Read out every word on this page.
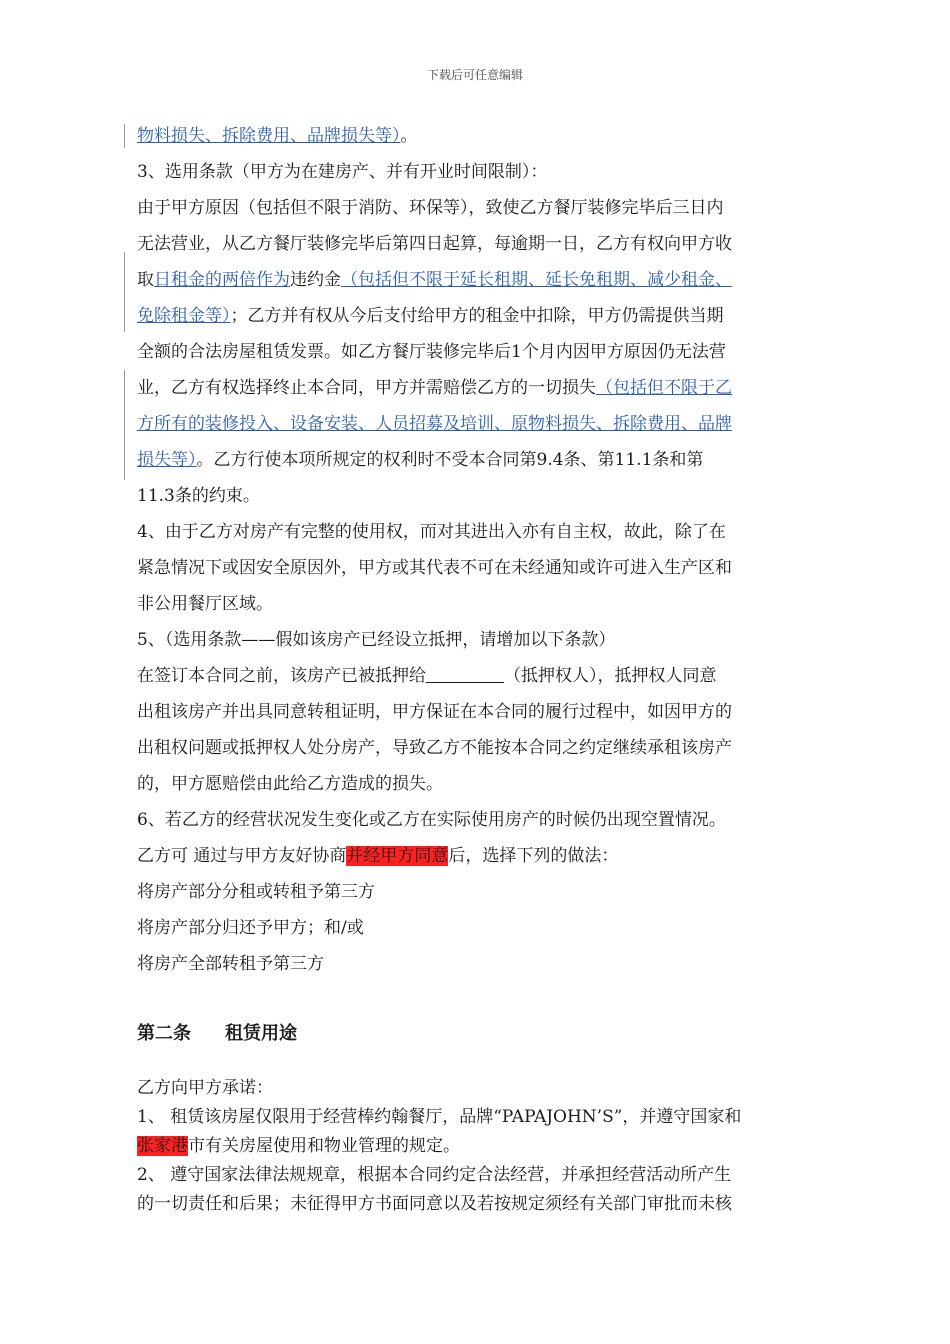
下载后可任意编辑
物料损失、拆除费用、品牌损失等）。
3、选用条款（甲方为在建房产、并有开业时间限制）：
由于甲方原因（包括但不限于消防、环保等），致使乙方餐厅装修完毕后三日内
无法营业，从乙方餐厅装修完毕后第四日起算，每逾期一日，乙方有权向甲方收
取日租金的两倍作为违约金（包括但不限于延长租期、延长免租期、减少租金、
免除租金等）；乙方并有权从今后支付给甲方的租金中扣除，甲方仍需提供当期
全额的合法房屋租赁发票。如乙方餐厅装修完毕后1个月内因甲方原因仍无法营
业，乙方有权选择终止本合同，甲方并需赔偿乙方的一切损失（包括但不限于乙
方所有的装修投入、设备安装、人员招募及培训、原物料损失、拆除费用、品牌
损失等）。乙方行使本项所规定的权利时不受本合同第9.4条、第11.1条和第
11.3条的约束。
4、由于乙方对房产有完整的使用权，而对其进出入亦有自主权，故此，除了在
紧急情况下或因安全原因外，甲方或其代表不可在未经通知或许可进入生产区和
非公用餐厅区域。
5、（选用条款——假如该房产已经设立抵押，请增加以下条款）
在签订本合同之前，该房产已被抵押给	（抵押权人），抵押权人同意
出租该房产并出具同意转租证明，甲方保证在本合同的履行过程中，如因甲方的
出租权问题或抵押权人处分房产，导致乙方不能按本合同之约定继续承租该房产
的，甲方愿赔偿由此给乙方造成的损失。
6、若乙方的经营状况发生变化或乙方在实际使用房产的时候仍出现空置情况。
乙方可 通过与甲方友好协商并经甲方同意后，选择下列的做法：
将房产部分分租或转租予第三方
将房产部分归还予甲方；和/或
将房产全部转租予第三方
第二条 租赁用途
乙方向甲方承诺：
1、 租赁该房屋仅限用于经营棒约翰餐厅，品牌“PAPAJOHN’S”，并遵守国家和
张家港市有关房屋使用和物业管理的规定。
2、 遵守国家法律法规规章，根据本合同约定合法经营，并承担经营活动所产生
的一切责任和后果；未征得甲方书面同意以及若按规定须经有关部门审批而未核
